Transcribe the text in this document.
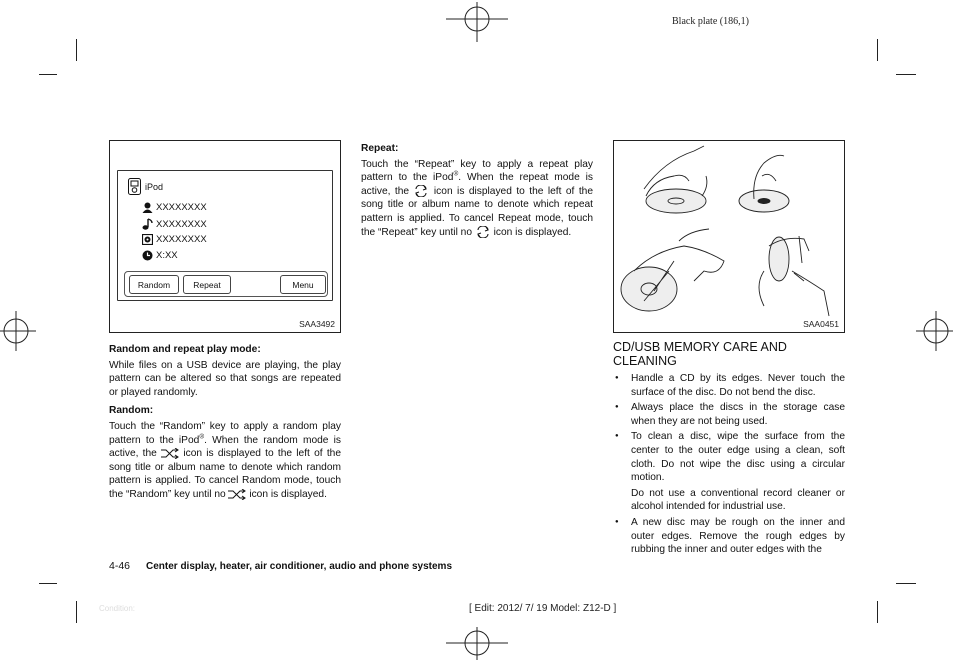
Black plate (186,1)
iPod
XXXXXXXX
XXXXXXXX
XXXXXXXX
X:XX
Random	Repeat	Menu
SAA3492

Random and repeat play mode:

While files on a USB device are playing, the play pattern can be altered so that songs are repeated or played randomly.

Random:

Touch the “Random” key to apply a random play pattern to the iPod®. When the random mode is active, the  icon is displayed to the left of the song title or album name to denote which random pattern is applied. To cancel Random mode, touch the “Random” key until no  icon is displayed.

Repeat:

Touch the “Repeat” key to apply a repeat play pattern to the iPod®. When the repeat mode is active, the  icon is displayed to the left of the song title or album name to denote which repeat pattern is applied. To cancel Repeat mode, touch the “Repeat” key until no  icon is displayed.

SAA0451
CD/USB MEMORY CARE AND CLEANING
● Handle a CD by its edges. Never touch the surface of the disc. Do not bend the disc.
● Always place the discs in the storage case when they are not being used.
● To clean a disc, wipe the surface from the center to the outer edge using a clean, soft cloth. Do not wipe the disc using a circular motion.
Do not use a conventional record cleaner or alcohol intended for industrial use.
● A new disc may be rough on the inner and outer edges. Remove the rough edges by rubbing the inner and outer edges with the
4-46 Center display, heater, air conditioner, audio and phone systems
Condition:	[ Edit: 2012/ 7/ 19 Model: Z12-D ]
